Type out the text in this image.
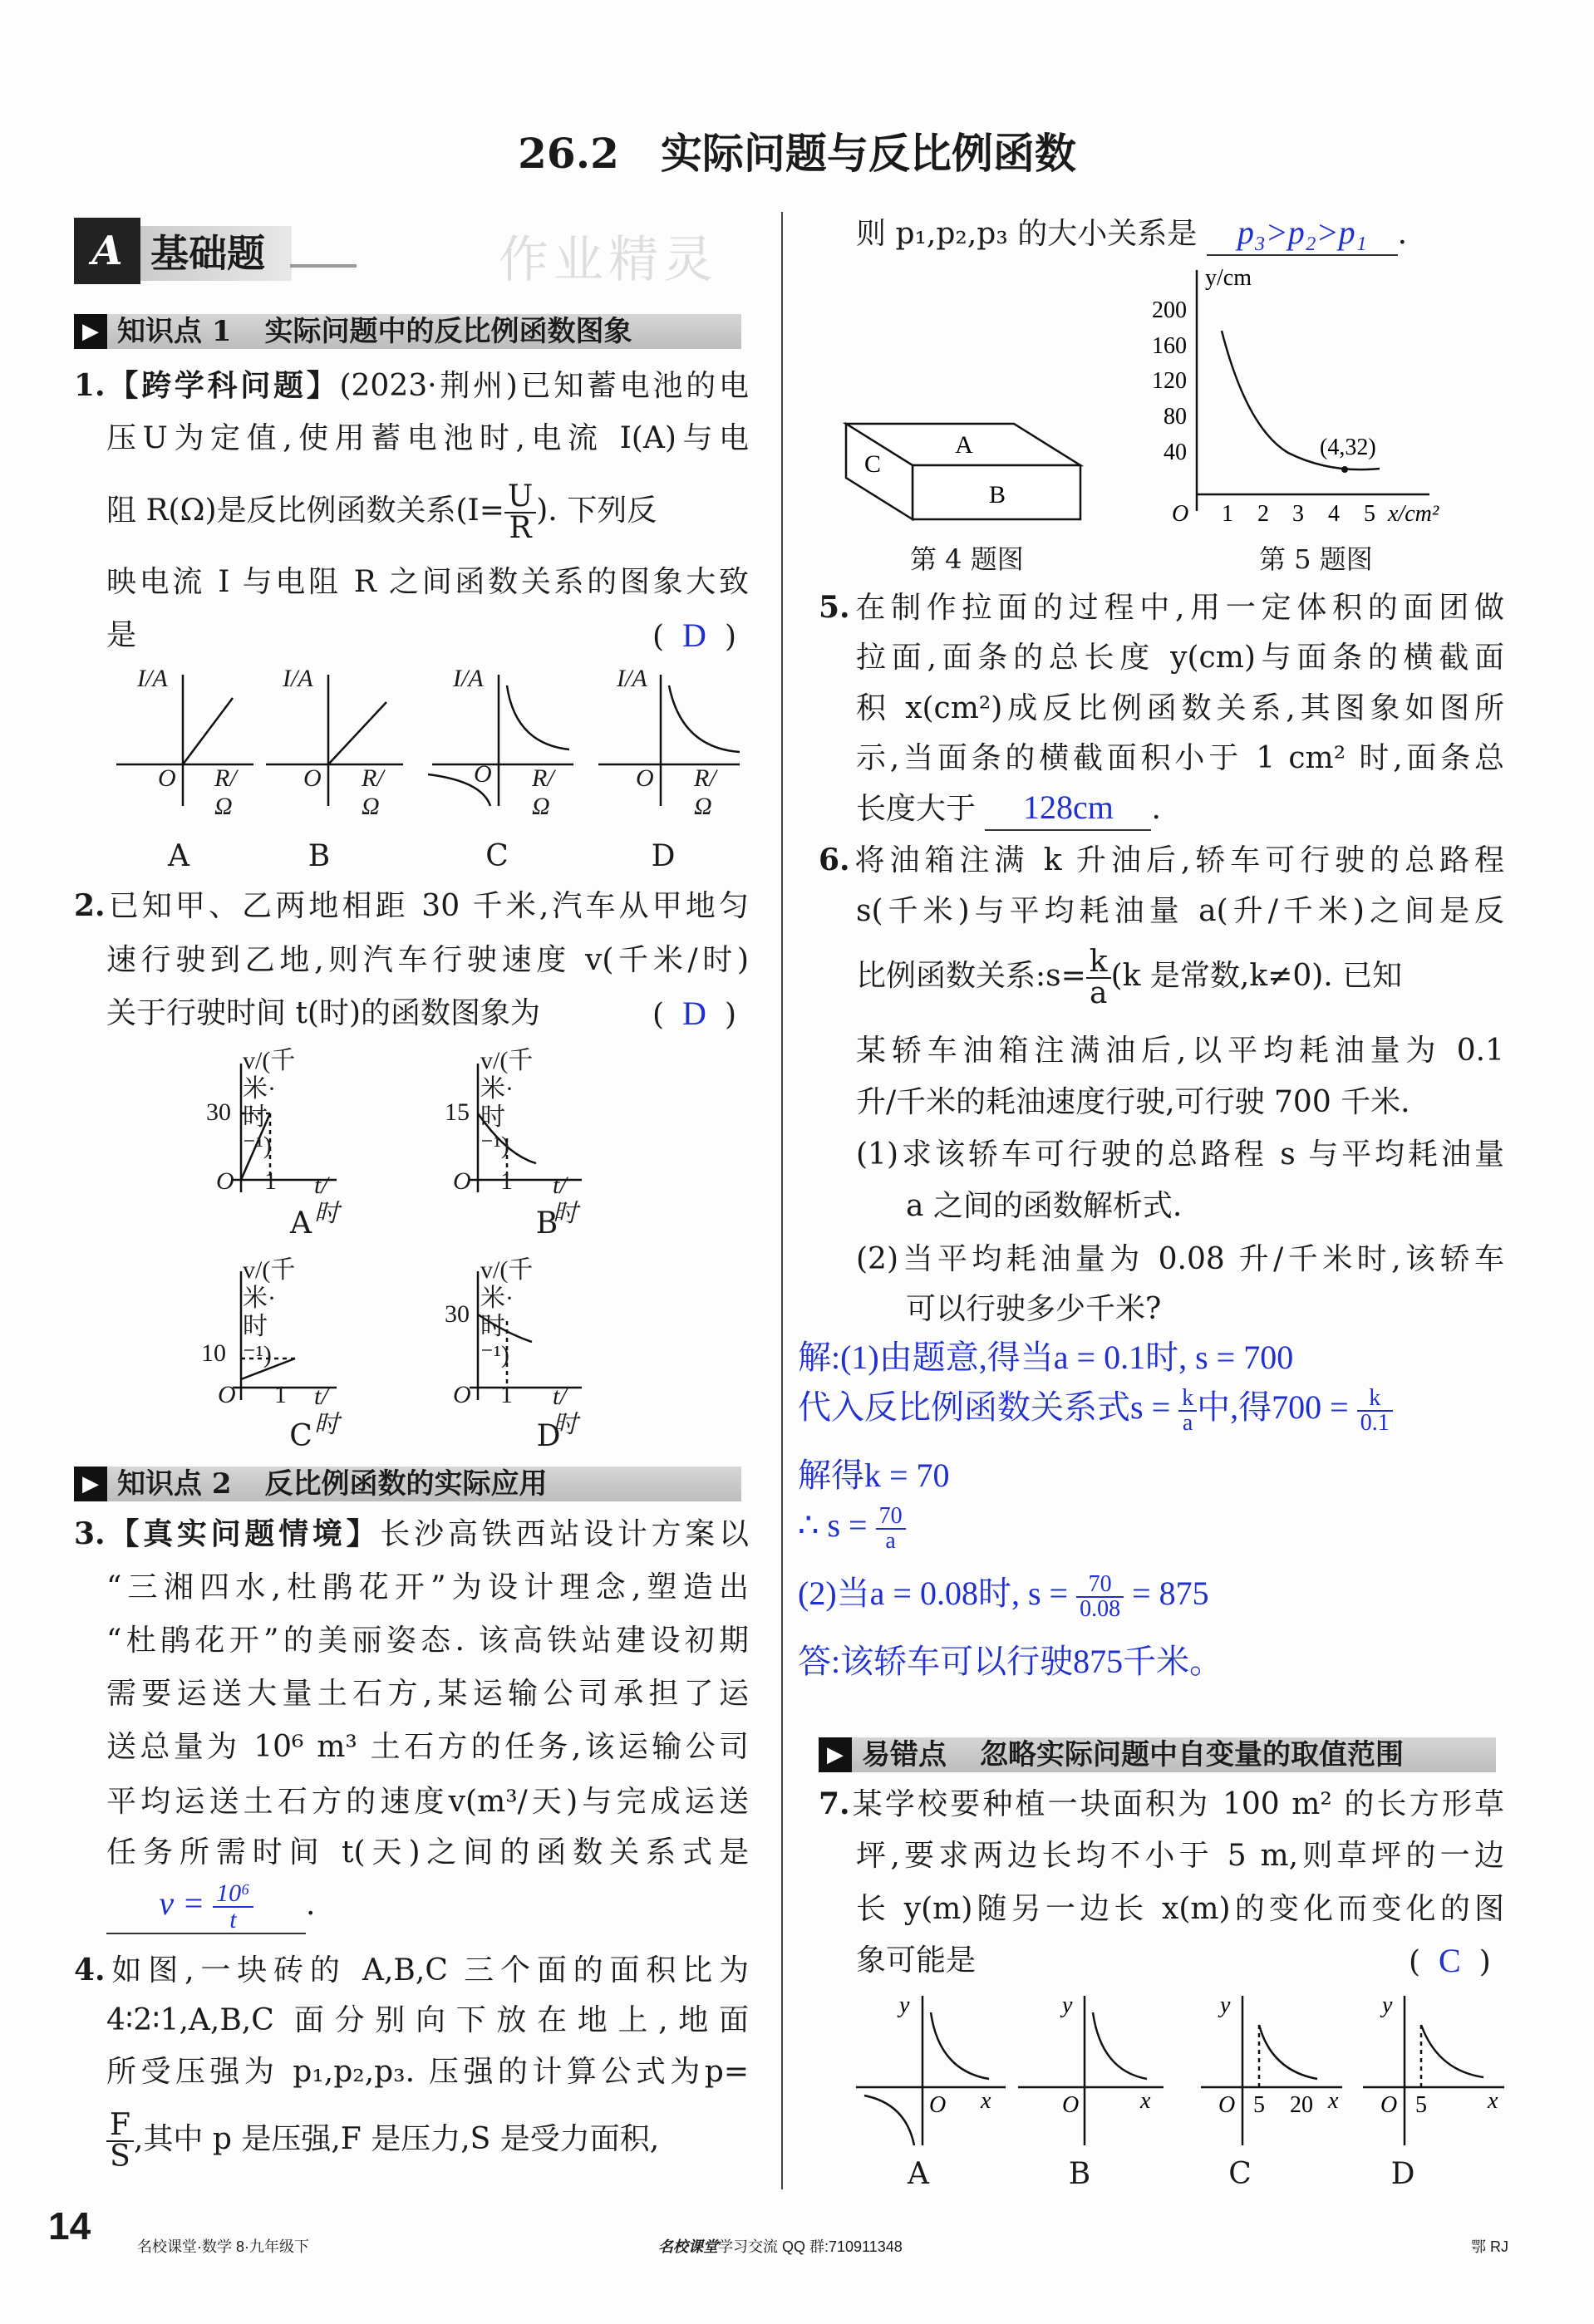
26.2　实际问题与反比例函数
A 基础题	作业精灵
▶ 知识点 1 实际问题中的反比例函数图象
1.【跨学科问题】(2023·荆州)已知蓄电池的电
压U为定值,使用蓄电池时,电流 I(A)与电
阻 R(Ω)是反比例函数关系($I= \frac{U}{R}$ ). 下列反
映电流 I 与电阻 R 之间函数关系的图象大致
是	( D )
I/A
O R/Ω
I/A
O R/Ω
I/A
O R/Ω
I/A
O R/Ω
A	B	C	D
2.已知甲、乙两地相距 30 千米,汽车从甲地匀
速行驶到乙地,则汽车行驶速度 v(千米/时)
关于行驶时间 t(时)的函数图象为	( D )
v/(千米·时⁻¹)
30
O 1 t/时
v/(千米·时⁻¹)
15
O 1 t/时
v/(千米·时⁻¹)
10
O 1 t/时
v/(千米·时⁻¹)
30
O 1 t/时
A	B
C	D
▶ 知识点 2 反比例函数的实际应用
3.【真实问题情境】长沙高铁西站设计方案以
“三湘四水,杜鹃花开”为设计理念,塑造出
“杜鹃花开”的美丽姿态. 该高铁站建设初期
需要运送大量土石方,某运输公司承担了运
送总量为 10⁶ m³ 土石方的任务,该运输公司
平均运送土石方的速度v(m³/天)与完成运送
任务所需时间 t(天)之间的函数关系式是
$v = \frac{\text{10⁶}}{t}$ .
4.如图,一块砖的 A,B,C 三个面的面积比为
4∶2∶1,A,B,C 面分别向下放在地上,地面
所受压强为 p₁,p₂,p₃. 压强的计算公式为p=
$\frac{F}{S}$ ,其中 p 是压强,F 是压力,S 是受力面积,
则 p₁,p₂,p₃ 的大小关系是 p₃>p₂>p₁ .
A
B
C
第 4 题图
200
160
120
80
40
1 2 3 4 5
y/cm
x/cm²
O
(4,32)
第 5 题图
5.在制作拉面的过程中,用一定体积的面团做
拉面,面条的总长度 y(cm)与面条的横截面
积 x(cm²)成反比例函数关系,其图象如图所
示,当面条的横截面积小于 1 cm² 时,面条总
长度大于 128cm .
6.将油箱注满 k 升油后,轿车可行驶的总路程
s(千米)与平均耗油量 a(升/千米)之间是反
比例函数关系:s= $\frac{k}{a} (k$ 是常数,k≠0). 已知
某轿车油箱注满油后,以平均耗油量为 0.1
升/千米的耗油速度行驶,可行驶 700 千米.
(1)求该轿车可行驶的总路程 s 与平均耗油量
a 之间的函数解析式.
(2)当平均耗油量为 0.08 升/千米时,该轿车
可以行驶多少千米?
解:(1)由题意,得当a = 0.1时, s = 700
代入反比例函数关系式$s = \frac{k}{a}$ 中,得$700 = \frac{k}{0.1}$
解得k = 70
∴ $s = \frac{70}{a}$
(2)当a = 0.08时, $s = \frac{70}{0.08} = 875$
答:该轿车可以行驶875千米。
▶ 易错点 忽略实际问题中自变量的取值范围
7.某学校要种植一块面积为 100 m² 的长方形草
坪,要求两边长均不小于 5 m,则草坪的一边
长 y(m)随另一边长 x(m)的变化而变化的图
象可能是	( C )
y
O x
y
O	x
y
O	x
y
O	x
5 20	5
A	B	C	D
14	名校课堂·数学 8·九年级下	名校课堂学习交流 QQ 群:710911348	鄂 RJ
